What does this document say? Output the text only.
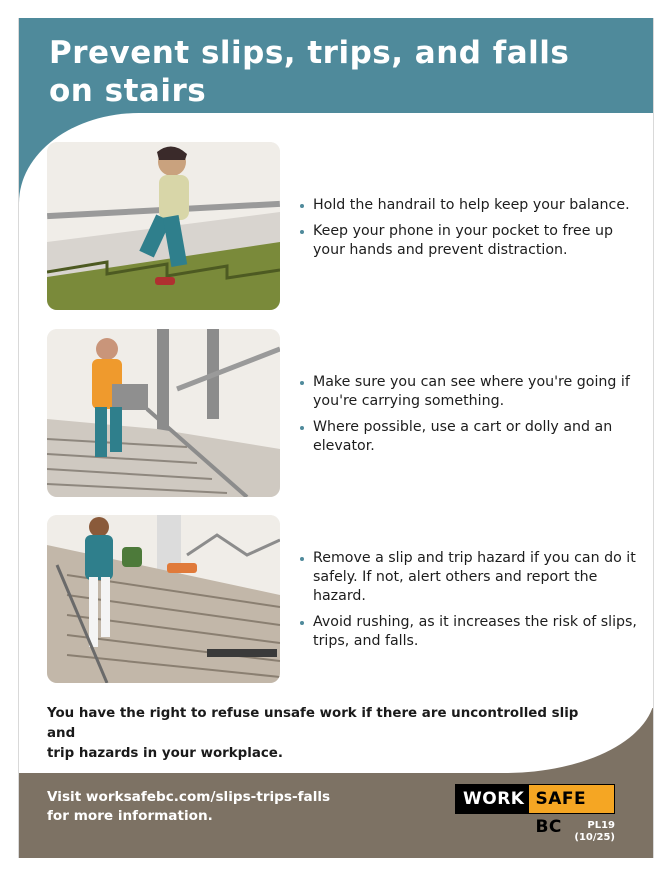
Prevent slips, trips, and falls
on stairs
Hold the handrail to help keep your balance.
Keep your phone in your pocket to free up your hands and prevent distraction.
Make sure you can see where you're going if you're carrying something.
Where possible, use a cart or dolly and an elevator.
Remove a slip and trip hazard if you can do it safely. If not, alert others and report the hazard.
Avoid rushing, as it increases the risk of slips, trips, and falls.

You have the right to refuse unsafe work if there are uncontrolled slip and
trip hazards in your workplace.

Visit worksafebc.com/slips-trips-falls
for more information.

WORK SAFE BC	PL19
(10/25)
